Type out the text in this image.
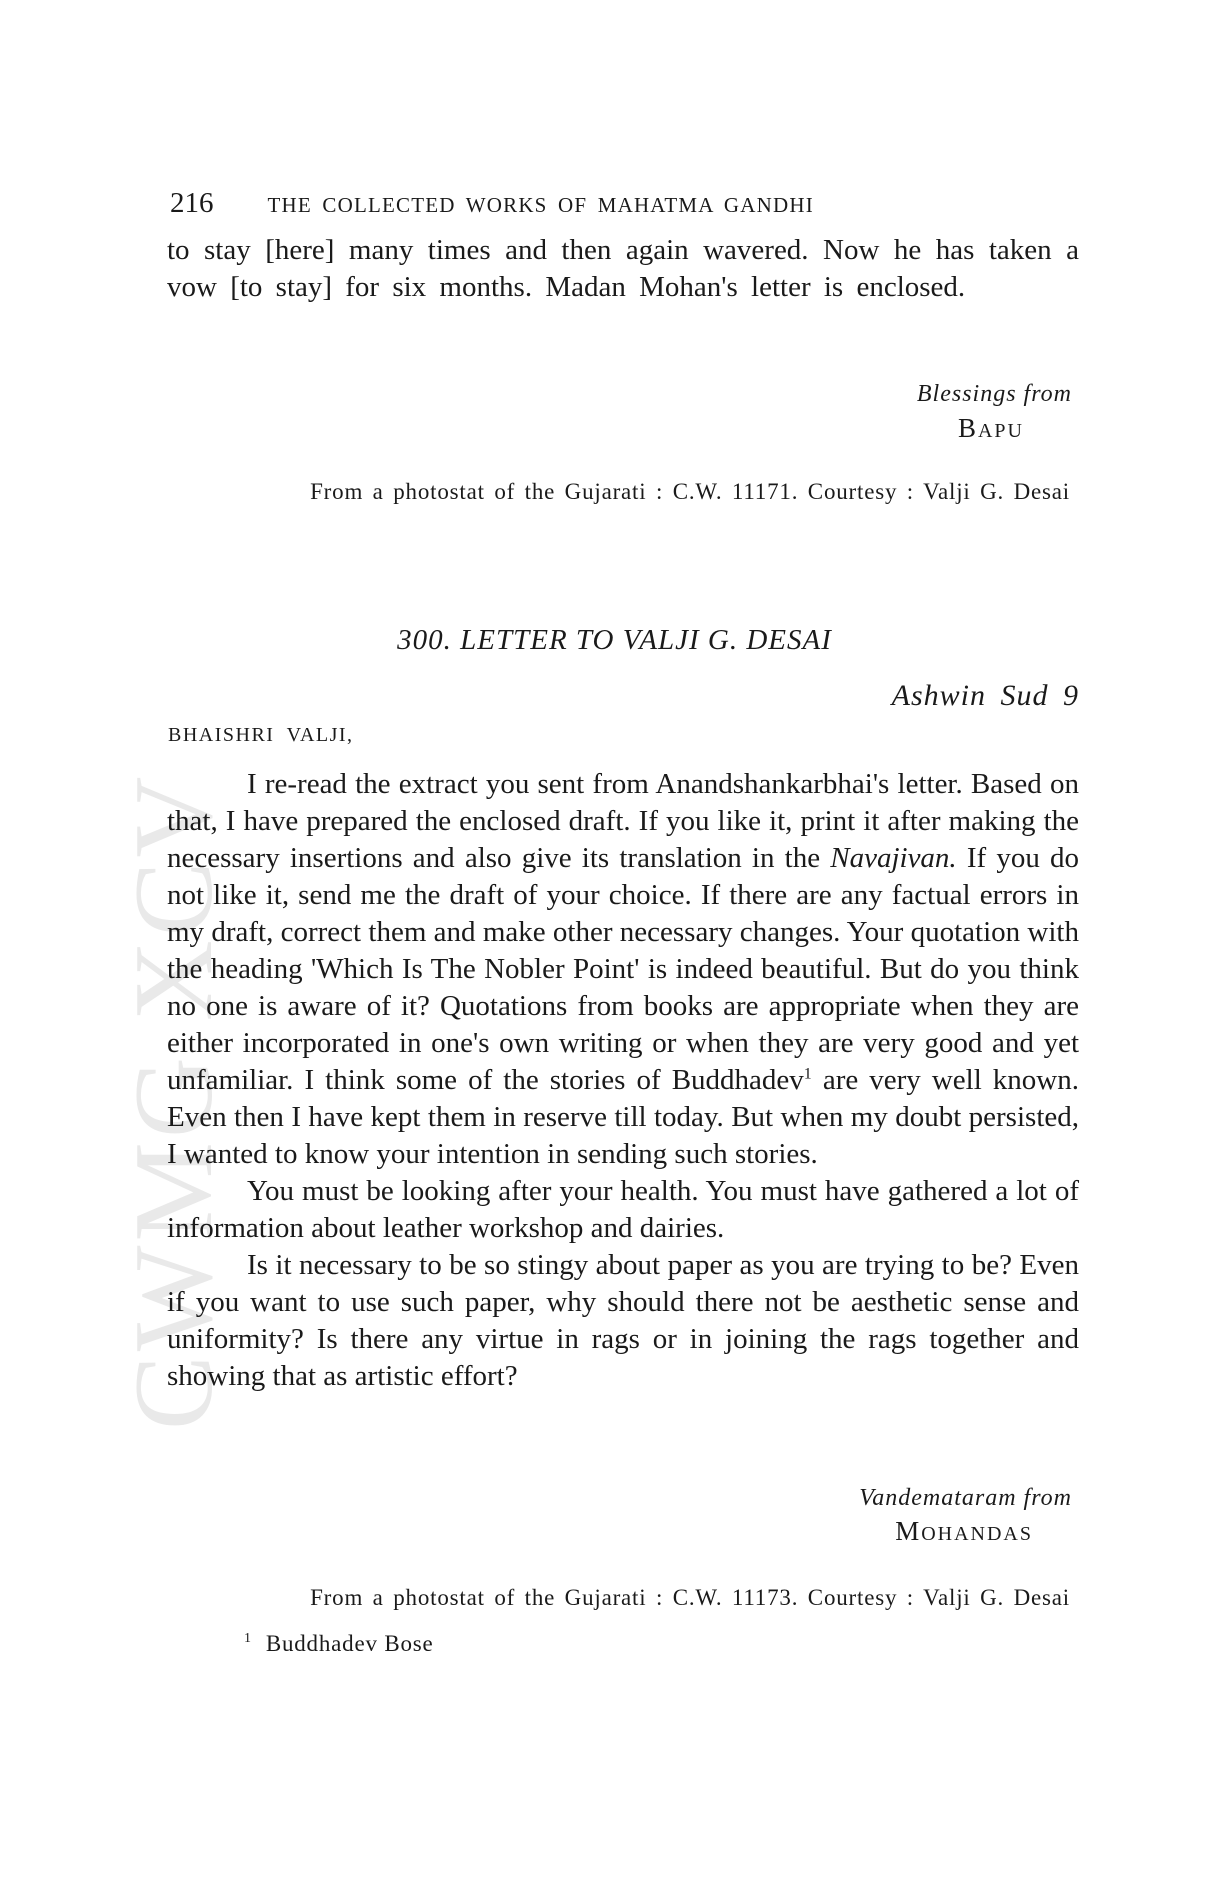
CWMG XCV
216	THE COLLECTED WORKS OF MAHATMA GANDHI

to stay [here] many times and then again wavered. Now he has taken a vow [to stay] for six months. Madan Mohan's letter is enclosed.

Blessings from
BAPU
From a photostat of the Gujarati : C.W. 11171. Courtesy : Valji G. Desai
300. LETTER TO VALJI G. DESAI
Ashwin Sud 9
BHAISHRI VALJI,

I re-read the extract you sent from Anandshankarbhai's letter. Based on that, I have prepared the enclosed draft. If you like it, print it after making the necessary insertions and also give its translation in the Navajivan. If you do not like it, send me the draft of your choice. If there are any factual errors in my draft, correct them and make other necessary changes. Your quotation with the heading 'Which Is The Nobler Point' is indeed beautiful. But do you think no one is aware of it? Quotations from books are appropriate when they are either incorporated in one's own writing or when they are very good and yet unfamiliar. I think some of the stories of Buddhadev$^1$ are very well known. Even then I have kept them in reserve till today. But when my doubt persisted, I wanted to know your intention in sending such stories.

You must be looking after your health. You must have gathered a lot of information about leather workshop and dairies.

Is it necessary to be so stingy about paper as you are trying to be? Even if you want to use such paper, why should there not be aesthetic sense and uniformity? Is there any virtue in rags or in joining the rags together and showing that as artistic effort?

Vandemataram from
MOHANDAS
From a photostat of the Gujarati : C.W. 11173. Courtesy : Valji G. Desai
$^1$ Buddhadev Bose
